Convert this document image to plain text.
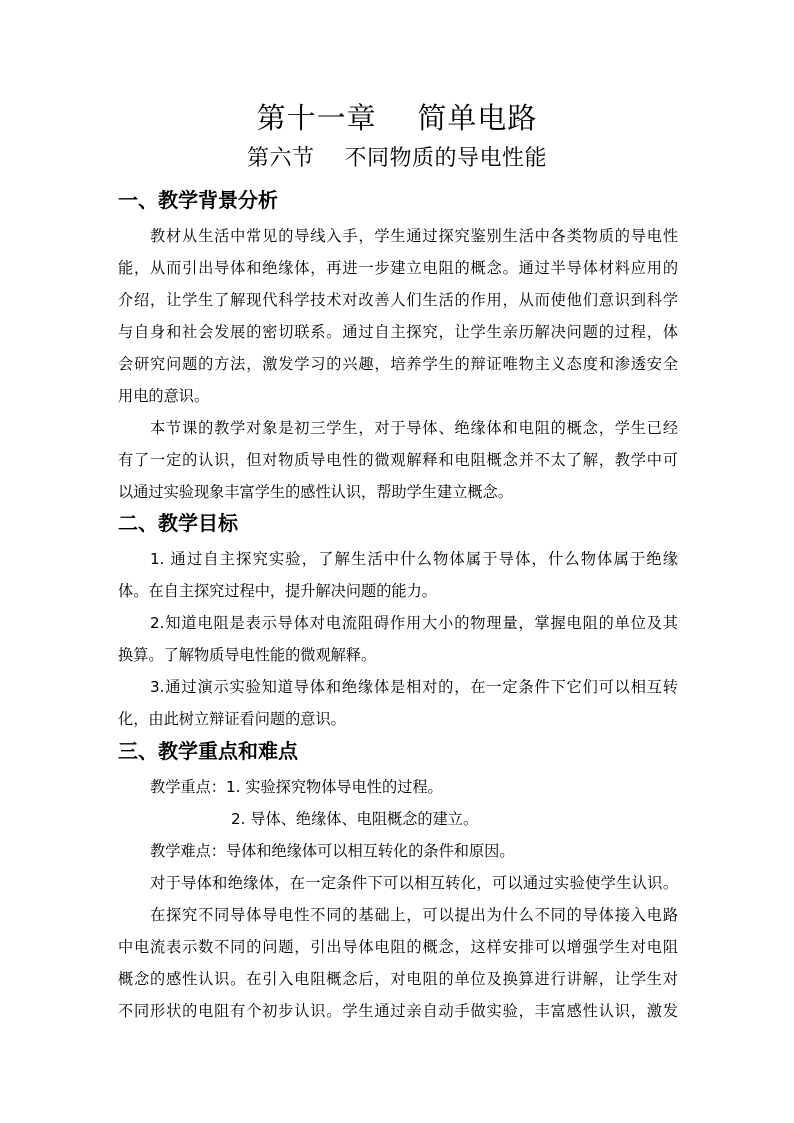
第十一章    简单电路
第六节    不同物质的导电性能
一、教学背景分析
教材从生活中常见的导线入手，学生通过探究鉴别生活中各类物质的导电性
能，从而引出导体和绝缘体，再进一步建立电阻的概念。通过半导体材料应用的
介绍，让学生了解现代科学技术对改善人们生活的作用，从而使他们意识到科学
与自身和社会发展的密切联系。通过自主探究，让学生亲历解决问题的过程，体
会研究问题的方法，激发学习的兴趣，培养学生的辩证唯物主义态度和渗透安全
用电的意识。
本节课的教学对象是初三学生，对于导体、绝缘体和电阻的概念，学生已经
有了一定的认识，但对物质导电性的微观解释和电阻概念并不太了解，教学中可
以通过实验现象丰富学生的感性认识，帮助学生建立概念。
二、教学目标
1. 通过自主探究实验，了解生活中什么物体属于导体，什么物体属于绝缘
体。在自主探究过程中，提升解决问题的能力。
2.知道电阻是表示导体对电流阻碍作用大小的物理量，掌握电阻的单位及其
换算。了解物质导电性能的微观解释。
3.通过演示实验知道导体和绝缘体是相对的，在一定条件下它们可以相互转
化，由此树立辩证看问题的意识。
三、教学重点和难点
教学重点：1. 实验探究物体导电性的过程。
2. 导体、绝缘体、电阻概念的建立。
教学难点：导体和绝缘体可以相互转化的条件和原因。
对于导体和绝缘体，在一定条件下可以相互转化，可以通过实验使学生认识。
在探究不同导体导电性不同的基础上，可以提出为什么不同的导体接入电路
中电流表示数不同的问题，引出导体电阻的概念，这样安排可以增强学生对电阻
概念的感性认识。在引入电阻概念后，对电阻的单位及换算进行讲解，让学生对
不同形状的电阻有个初步认识。学生通过亲自动手做实验，丰富感性认识，激发
